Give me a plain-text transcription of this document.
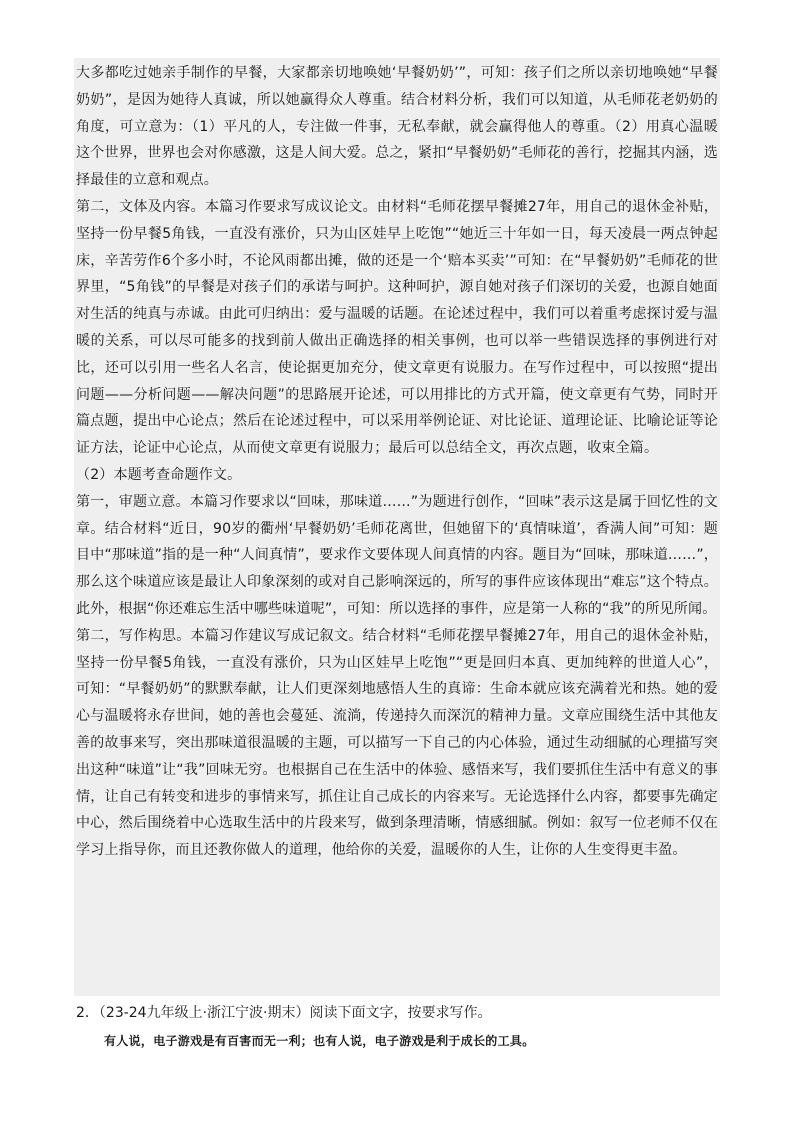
大多都吃过她亲手制作的早餐，大家都亲切地唤她‘早餐奶奶’”，可知：孩子们之所以亲切地唤她“早餐奶奶”，是因为她待人真诚，所以她赢得众人尊重。结合材料分析，我们可以知道，从毛师花老奶奶的角度，可立意为：（1）平凡的人，专注做一件事，无私奉献，就会赢得他人的尊重。（2）用真心温暖这个世界，世界也会对你感激，这是人间大爱。总之，紧扣“早餐奶奶”毛师花的善行，挖掘其内涵，选择最佳的立意和观点。

第二，文体及内容。本篇习作要求写成议论文。由材料“毛师花摆早餐摊27年，用自己的退休金补贴，坚持一份早餐5角钱，一直没有涨价，只为山区娃早上吃饱”“她近三十年如一日，每天凌晨一两点钟起床，辛苦劳作6个多小时，不论风雨都出摊，做的还是一个‘赔本买卖’”可知：在“早餐奶奶”毛师花的世界里，“5角钱”的早餐是对孩子们的承诺与呵护。这种呵护，源自她对孩子们深切的关爱，也源自她面对生活的纯真与赤诚。由此可归纳出：爱与温暖的话题。在论述过程中，我们可以着重考虑探讨爱与温暖的关系，可以尽可能多的找到前人做出正确选择的相关事例，也可以举一些错误选择的事例进行对比，还可以引用一些名人名言，使论据更加充分，使文章更有说服力。在写作过程中，可以按照“提出问题——分析问题——解决问题”的思路展开论述，可以用排比的方式开篇，使文章更有气势，同时开篇点题，提出中心论点；然后在论述过程中，可以采用举例论证、对比论证、道理论证、比喻论证等论证方法，论证中心论点，从而使文章更有说服力；最后可以总结全文，再次点题，收束全篇。

（2）本题考查命题作文。

第一，审题立意。本篇习作要求以“回味，那味道……”为题进行创作，“回味”表示这是属于回忆性的文章。结合材料“近日，90岁的衢州‘早餐奶奶’毛师花离世，但她留下的‘真情味道’，香满人间”可知：题目中“那味道”指的是一种“人间真情”，要求作文要体现人间真情的内容。题目为“回味，那味道……”，那么这个味道应该是最让人印象深刻的或对自己影响深远的，所写的事件应该体现出“难忘”这个特点。此外，根据“你还难忘生活中哪些味道呢”，可知：所以选择的事件，应是第一人称的“我”的所见所闻。

第二，写作构思。本篇习作建议写成记叙文。结合材料“毛师花摆早餐摊27年，用自己的退休金补贴，坚持一份早餐5角钱，一直没有涨价，只为山区娃早上吃饱”“更是回归本真、更加纯粹的世道人心”，可知：“早餐奶奶”的默默奉献，让人们更深刻地感悟人生的真谛：生命本就应该充满着光和热。她的爱心与温暖将永存世间，她的善也会蔓延、流淌，传递持久而深沉的精神力量。文章应围绕生活中其他友善的故事来写，突出那味道很温暖的主题，可以描写一下自己的内心体验，通过生动细腻的心理描写突出这种“味道”让“我”回味无穷。也根据自己在生活中的体验、感悟来写，我们要抓住生活中有意义的事情，让自己有转变和进步的事情来写，抓住让自己成长的内容来写。无论选择什么内容，都要事先确定中心，然后围绕着中心选取生活中的片段来写，做到条理清晰，情感细腻。例如：叙写一位老师不仅在学习上指导你，而且还教你做人的道理，他给你的关爱，温暖你的人生，让你的人生变得更丰盈。

2．（23-24九年级上·浙江宁波·期末）阅读下面文字，按要求写作。
有人说，电子游戏是有百害而无一利；也有人说，电子游戏是利于成长的工具。
